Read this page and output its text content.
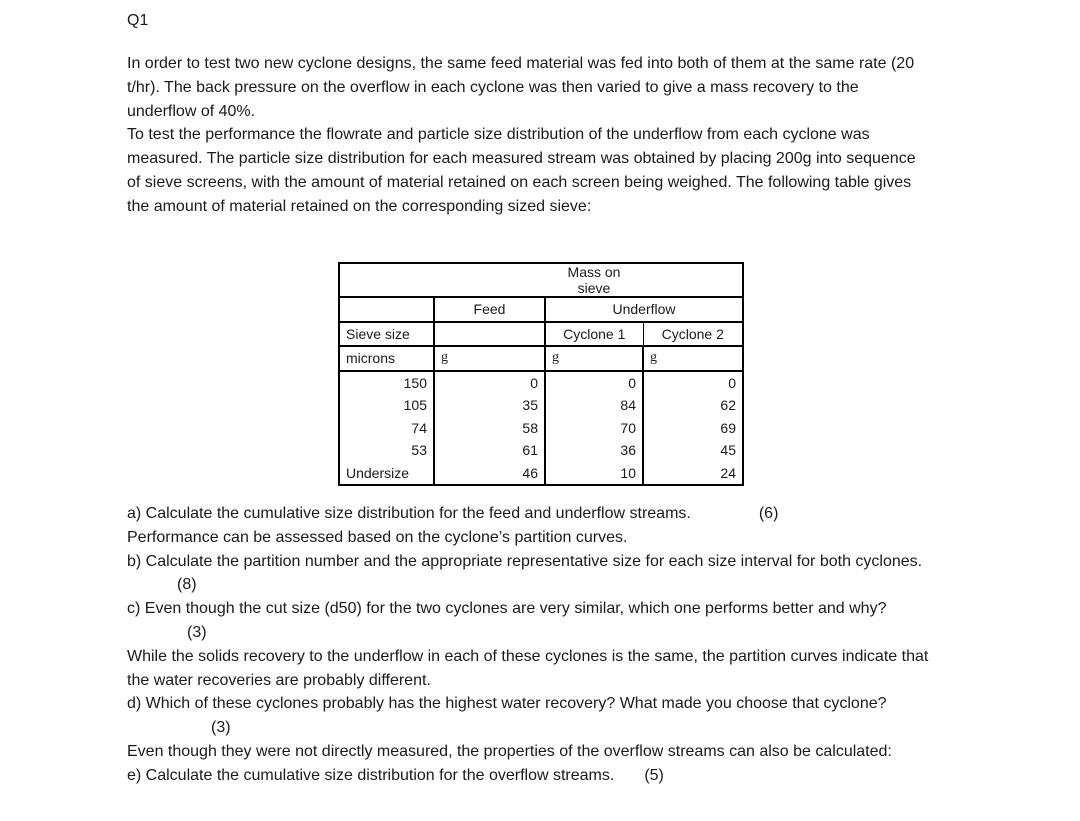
Q1

In order to test two new cyclone designs, the same feed material was fed into both of them at the same rate (20 t/hr). The back pressure on the overflow in each cyclone was then varied to give a mass recovery to the underflow of 40%.

To test the performance the flowrate and particle size distribution of the underflow from each cyclone was measured. The particle size distribution for each measured stream was obtained by placing 200g into sequence of sieve screens, with the amount of material retained on each screen being weighed. The following table gives the amount of material retained on the corresponding sized sieve:

		Mass on sieve	
	Feed	Underflow	
Sieve size		Cyclone 1	Cyclone 2
microns	g	g	g
150	0	0	0
105	35	84	62
74	58	70	69
53	61	36	45
Undersize	46	10	24

a) Calculate the cumulative size distribution for the feed and underflow streams.	(6)

Performance can be assessed based on the cyclone’s partition curves.

b) Calculate the partition number and the appropriate representative size for each size interval for both cyclones.(8)

c) Even though the cut size (d50) for the two cyclones are very similar, which one performs better and why?(3)

While the solids recovery to the underflow in each of these cyclones is the same, the partition curves indicate that the water recoveries are probably different.

d) Which of these cyclones probably has the highest water recovery? What made you choose that cyclone?(3)

Even though they were not directly measured, the properties of the overflow streams can also be calculated:

e) Calculate the cumulative size distribution for the overflow streams. (5)
